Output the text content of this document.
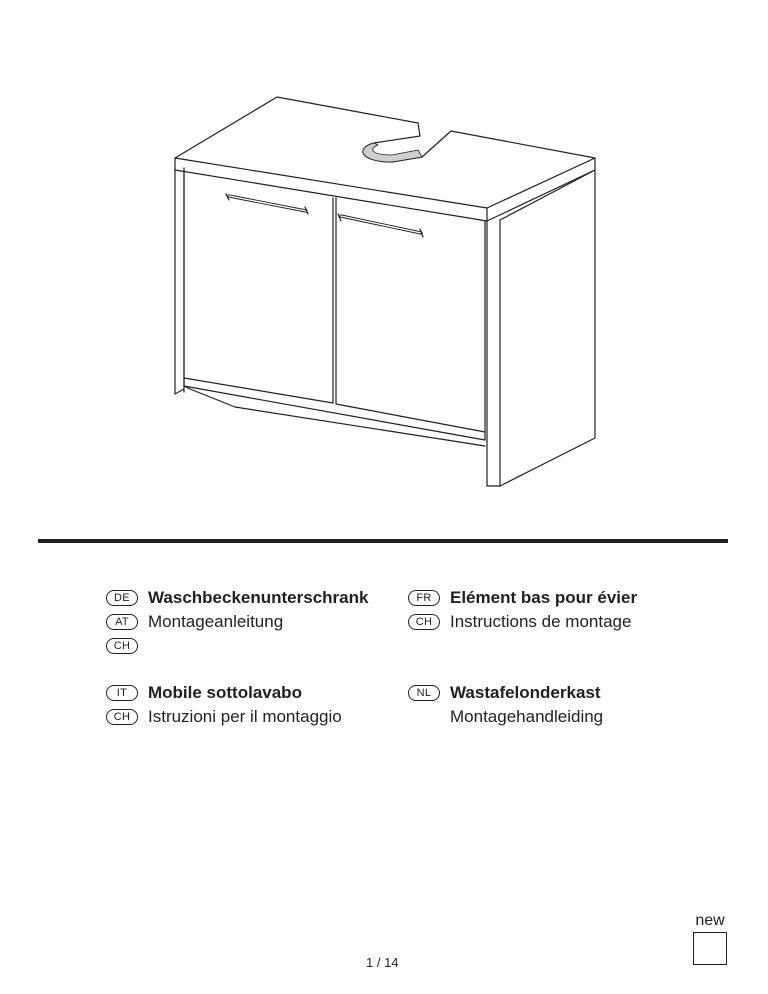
DE	Waschbeckenunterschrank
AT	Montageanleitung
CH
FR	Elément bas pour évier
CH	Instructions de montage
IT	Mobile sottolavabo
CH	Istruzioni per il montaggio
NL	Wastafelonderkast
Montagehandleiding
1 / 14
new
